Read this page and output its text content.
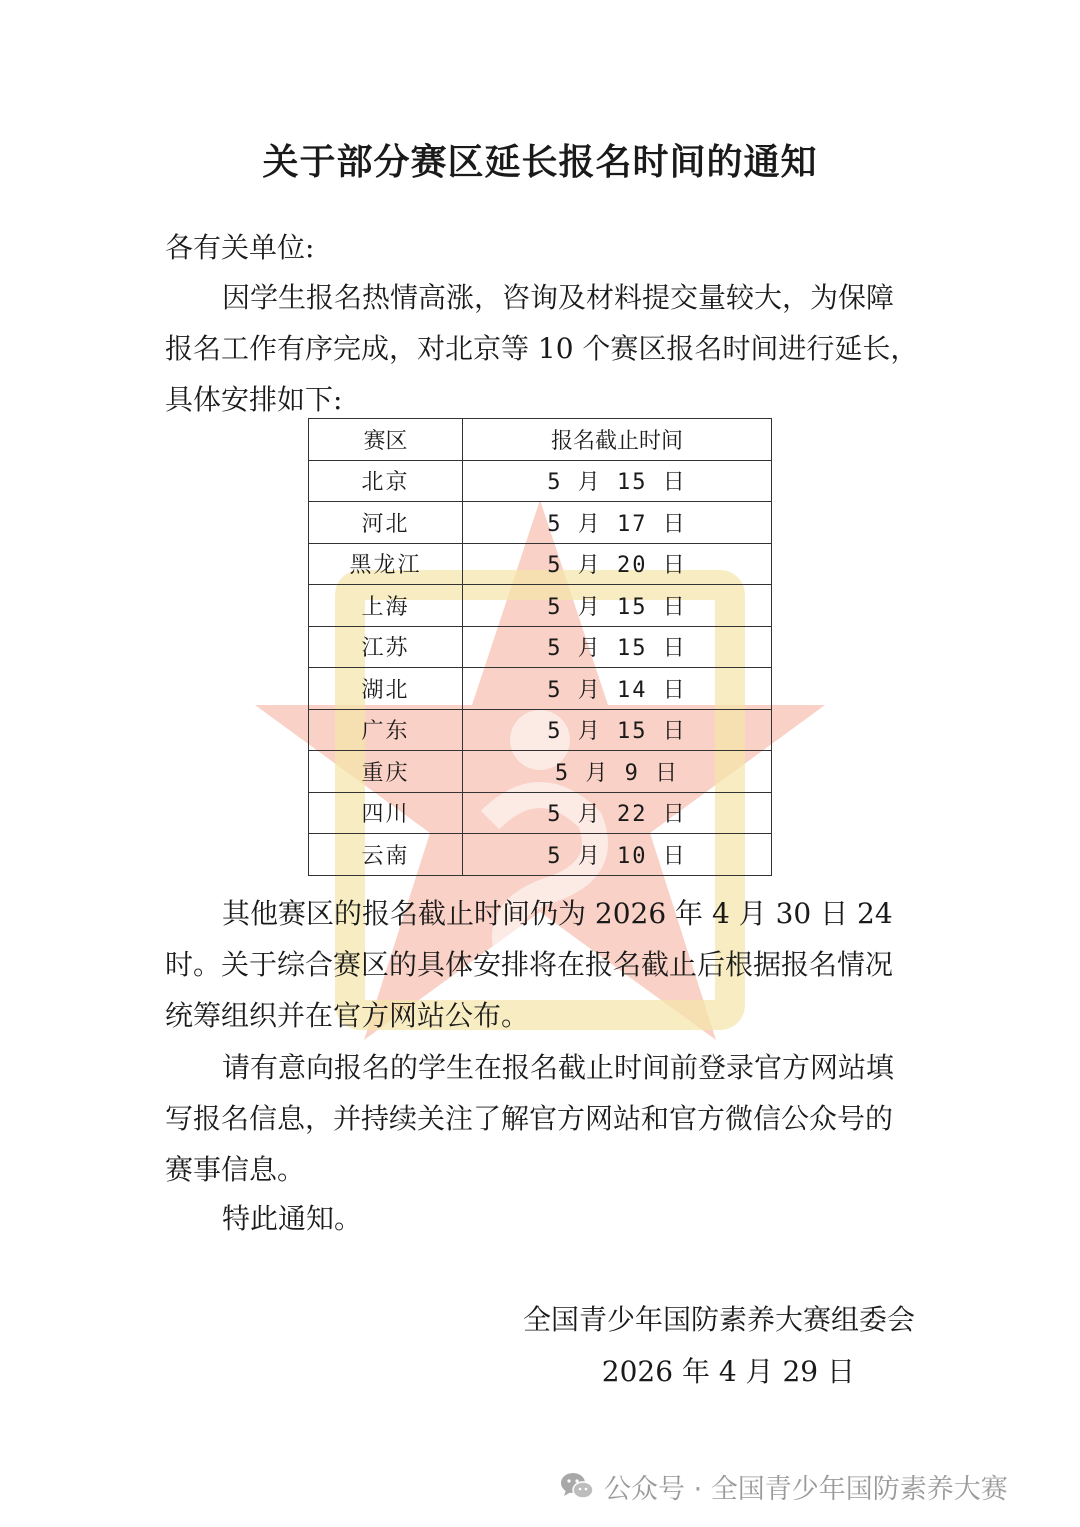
关于部分赛区延长报名时间的通知
各有关单位:
因学生报名热情高涨，咨询及材料提交量较大，为保障报名工作有序完成，对北京等 10 个赛区报名时间进行延长，具体安排如下:
赛区	报名截止时间
北京	5 月 15 日
河北	5 月 17 日
黑龙江	5 月 20 日
上海	5 月 15 日
江苏	5 月 15 日
湖北	5 月 14 日
广东	5 月 15 日
重庆	5 月 9 日
四川	5 月 22 日
云南	5 月 10 日
其他赛区的报名截止时间仍为 2026 年 4 月 30 日 24 时。关于综合赛区的具体安排将在报名截止后根据报名情况统筹组织并在官方网站公布。
请有意向报名的学生在报名截止时间前登录官方网站填写报名信息，并持续关注了解官方网站和官方微信公众号的赛事信息。
特此通知。
全国青少年国防素养大赛组委会
2026 年 4 月 29 日
公众号 · 全国青少年国防素养大赛
